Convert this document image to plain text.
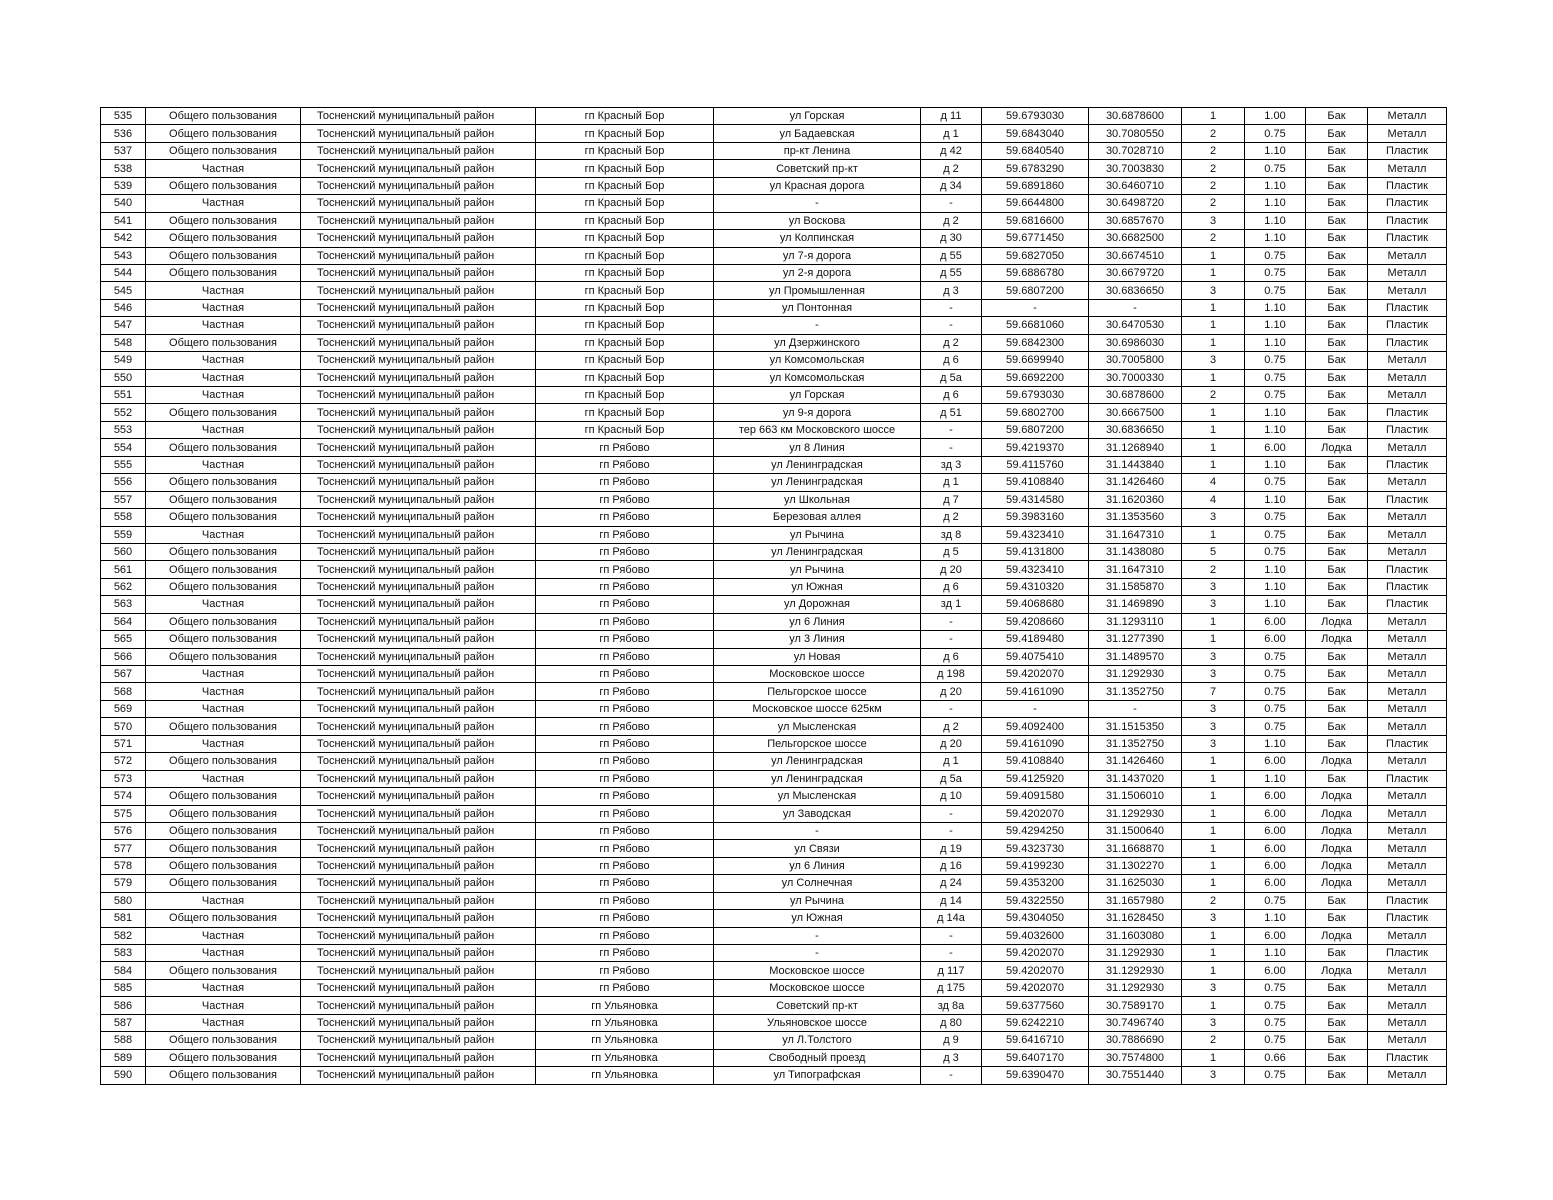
535	Общего пользования	Тосненский муниципальный район	гп Красный Бор	ул Горская	д 11	59.6793030	30.6878600	1	1.00	Бак	Металл
536	Общего пользования	Тосненский муниципальный район	гп Красный Бор	ул Бадаевская	д 1	59.6843040	30.7080550	2	0.75	Бак	Металл
537	Общего пользования	Тосненский муниципальный район	гп Красный Бор	пр-кт Ленина	д 42	59.6840540	30.7028710	2	1.10	Бак	Пластик
538	Частная	Тосненский муниципальный район	гп Красный Бор	Советский пр-кт	д 2	59.6783290	30.7003830	2	0.75	Бак	Металл
539	Общего пользования	Тосненский муниципальный район	гп Красный Бор	ул Красная дорога	д 34	59.6891860	30.6460710	2	1.10	Бак	Пластик
540	Частная	Тосненский муниципальный район	гп Красный Бор	-	-	59.6644800	30.6498720	2	1.10	Бак	Пластик
541	Общего пользования	Тосненский муниципальный район	гп Красный Бор	ул Воскова	д 2	59.6816600	30.6857670	3	1.10	Бак	Пластик
542	Общего пользования	Тосненский муниципальный район	гп Красный Бор	ул Колпинская	д 30	59.6771450	30.6682500	2	1.10	Бак	Пластик
543	Общего пользования	Тосненский муниципальный район	гп Красный Бор	ул 7-я дорога	д 55	59.6827050	30.6674510	1	0.75	Бак	Металл
544	Общего пользования	Тосненский муниципальный район	гп Красный Бор	ул 2-я дорога	д 55	59.6886780	30.6679720	1	0.75	Бак	Металл
545	Частная	Тосненский муниципальный район	гп Красный Бор	ул Промышленная	д 3	59.6807200	30.6836650	3	0.75	Бак	Металл
546	Частная	Тосненский муниципальный район	гп Красный Бор	ул Понтонная	-	-	-	1	1.10	Бак	Пластик
547	Частная	Тосненский муниципальный район	гп Красный Бор	-	-	59.6681060	30.6470530	1	1.10	Бак	Пластик
548	Общего пользования	Тосненский муниципальный район	гп Красный Бор	ул Дзержинского	д 2	59.6842300	30.6986030	1	1.10	Бак	Пластик
549	Частная	Тосненский муниципальный район	гп Красный Бор	ул Комсомольская	д 6	59.6699940	30.7005800	3	0.75	Бак	Металл
550	Частная	Тосненский муниципальный район	гп Красный Бор	ул Комсомольская	д 5а	59.6692200	30.7000330	1	0.75	Бак	Металл
551	Частная	Тосненский муниципальный район	гп Красный Бор	ул Горская	д 6	59.6793030	30.6878600	2	0.75	Бак	Металл
552	Общего пользования	Тосненский муниципальный район	гп Красный Бор	ул 9-я дорога	д 51	59.6802700	30.6667500	1	1.10	Бак	Пластик
553	Частная	Тосненский муниципальный район	гп Красный Бор	тер 663 км Московского шоссе	-	59.6807200	30.6836650	1	1.10	Бак	Пластик
554	Общего пользования	Тосненский муниципальный район	гп Рябово	ул 8 Линия	-	59.4219370	31.1268940	1	6.00	Лодка	Металл
555	Частная	Тосненский муниципальный район	гп Рябово	ул Ленинградская	зд 3	59.4115760	31.1443840	1	1.10	Бак	Пластик
556	Общего пользования	Тосненский муниципальный район	гп Рябово	ул Ленинградская	д 1	59.4108840	31.1426460	4	0.75	Бак	Металл
557	Общего пользования	Тосненский муниципальный район	гп Рябово	ул Школьная	д 7	59.4314580	31.1620360	4	1.10	Бак	Пластик
558	Общего пользования	Тосненский муниципальный район	гп Рябово	Березовая аллея	д 2	59.3983160	31.1353560	3	0.75	Бак	Металл
559	Частная	Тосненский муниципальный район	гп Рябово	ул Рычина	зд 8	59.4323410	31.1647310	1	0.75	Бак	Металл
560	Общего пользования	Тосненский муниципальный район	гп Рябово	ул Ленинградская	д 5	59.4131800	31.1438080	5	0.75	Бак	Металл
561	Общего пользования	Тосненский муниципальный район	гп Рябово	ул Рычина	д 20	59.4323410	31.1647310	2	1.10	Бак	Пластик
562	Общего пользования	Тосненский муниципальный район	гп Рябово	ул Южная	д 6	59.4310320	31.1585870	3	1.10	Бак	Пластик
563	Частная	Тосненский муниципальный район	гп Рябово	ул Дорожная	зд 1	59.4068680	31.1469890	3	1.10	Бак	Пластик
564	Общего пользования	Тосненский муниципальный район	гп Рябово	ул 6 Линия	-	59.4208660	31.1293110	1	6.00	Лодка	Металл
565	Общего пользования	Тосненский муниципальный район	гп Рябово	ул 3 Линия	-	59.4189480	31.1277390	1	6.00	Лодка	Металл
566	Общего пользования	Тосненский муниципальный район	гп Рябово	ул Новая	д 6	59.4075410	31.1489570	3	0.75	Бак	Металл
567	Частная	Тосненский муниципальный район	гп Рябово	Московское шоссе	д 198	59.4202070	31.1292930	3	0.75	Бак	Металл
568	Частная	Тосненский муниципальный район	гп Рябово	Пельгорское шоссе	д 20	59.4161090	31.1352750	7	0.75	Бак	Металл
569	Частная	Тосненский муниципальный район	гп Рябово	Московское шоссе 625км	-	-	-	3	0.75	Бак	Металл
570	Общего пользования	Тосненский муниципальный район	гп Рябово	ул Мысленская	д 2	59.4092400	31.1515350	3	0.75	Бак	Металл
571	Частная	Тосненский муниципальный район	гп Рябово	Пельгорское шоссе	д 20	59.4161090	31.1352750	3	1.10	Бак	Пластик
572	Общего пользования	Тосненский муниципальный район	гп Рябово	ул Ленинградская	д 1	59.4108840	31.1426460	1	6.00	Лодка	Металл
573	Частная	Тосненский муниципальный район	гп Рябово	ул Ленинградская	д 5а	59.4125920	31.1437020	1	1.10	Бак	Пластик
574	Общего пользования	Тосненский муниципальный район	гп Рябово	ул Мысленская	д 10	59.4091580	31.1506010	1	6.00	Лодка	Металл
575	Общего пользования	Тосненский муниципальный район	гп Рябово	ул Заводская	-	59.4202070	31.1292930	1	6.00	Лодка	Металл
576	Общего пользования	Тосненский муниципальный район	гп Рябово	-	-	59.4294250	31.1500640	1	6.00	Лодка	Металл
577	Общего пользования	Тосненский муниципальный район	гп Рябово	ул Связи	д 19	59.4323730	31.1668870	1	6.00	Лодка	Металл
578	Общего пользования	Тосненский муниципальный район	гп Рябово	ул 6 Линия	д 16	59.4199230	31.1302270	1	6.00	Лодка	Металл
579	Общего пользования	Тосненский муниципальный район	гп Рябово	ул Солнечная	д 24	59.4353200	31.1625030	1	6.00	Лодка	Металл
580	Частная	Тосненский муниципальный район	гп Рябово	ул Рычина	д 14	59.4322550	31.1657980	2	0.75	Бак	Пластик
581	Общего пользования	Тосненский муниципальный район	гп Рябово	ул Южная	д 14а	59.4304050	31.1628450	3	1.10	Бак	Пластик
582	Частная	Тосненский муниципальный район	гп Рябово	-	-	59.4032600	31.1603080	1	6.00	Лодка	Металл
583	Частная	Тосненский муниципальный район	гп Рябово	-	-	59.4202070	31.1292930	1	1.10	Бак	Пластик
584	Общего пользования	Тосненский муниципальный район	гп Рябово	Московское шоссе	д 117	59.4202070	31.1292930	1	6.00	Лодка	Металл
585	Частная	Тосненский муниципальный район	гп Рябово	Московское шоссе	д 175	59.4202070	31.1292930	3	0.75	Бак	Металл
586	Частная	Тосненский муниципальный район	гп Ульяновка	Советский пр-кт	зд 8а	59.6377560	30.7589170	1	0.75	Бак	Металл
587	Частная	Тосненский муниципальный район	гп Ульяновка	Ульяновское шоссе	д 80	59.6242210	30.7496740	3	0.75	Бак	Металл
588	Общего пользования	Тосненский муниципальный район	гп Ульяновка	ул Л.Толстого	д 9	59.6416710	30.7886690	2	0.75	Бак	Металл
589	Общего пользования	Тосненский муниципальный район	гп Ульяновка	Свободный проезд	д 3	59.6407170	30.7574800	1	0.66	Бак	Пластик
590	Общего пользования	Тосненский муниципальный район	гп Ульяновка	ул Типографская	-	59.6390470	30.7551440	3	0.75	Бак	Металл
